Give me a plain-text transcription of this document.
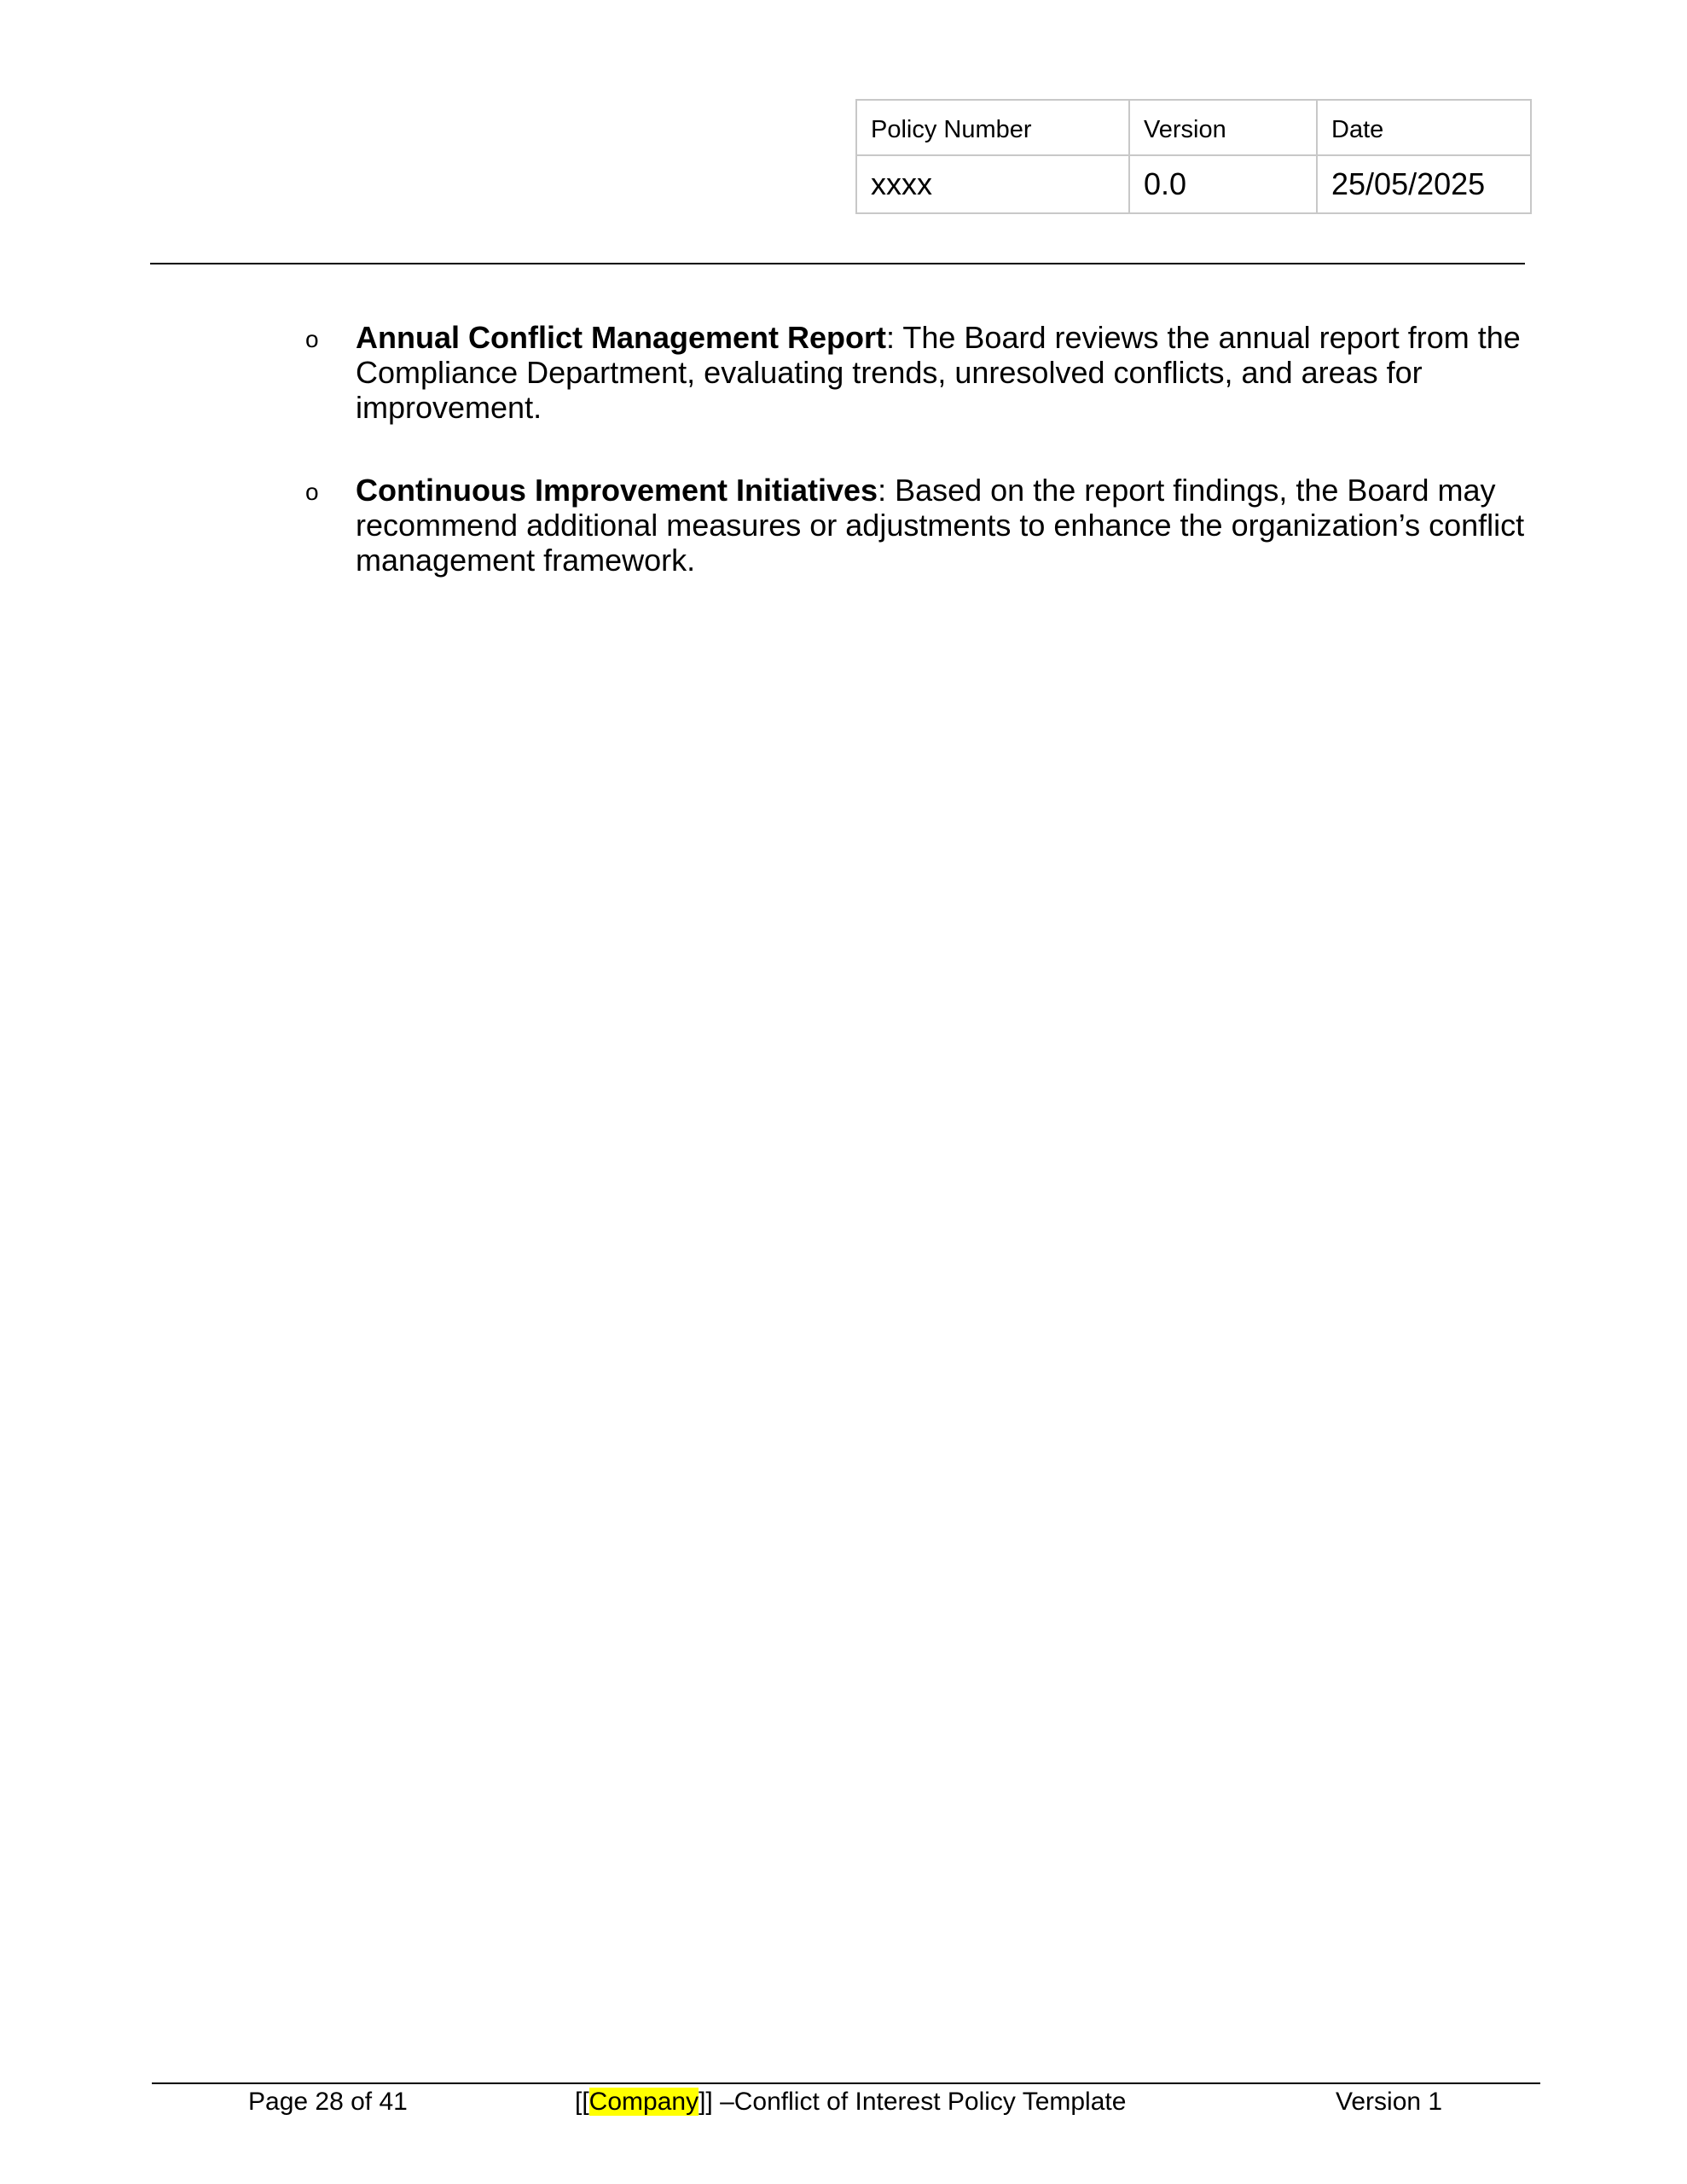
Policy Number	Version	Date
xxxx	0.0	25/05/2025
o Annual Conflict Management Report: The Board reviews the annual report from the Compliance Department, evaluating trends, unresolved conflicts, and areas for improvement.
o Continuous Improvement Initiatives: Based on the report findings, the Board may recommend additional measures or adjustments to enhance the organization’s conflict management framework.
Page 28 of 41	[[Company]] –Conflict of Interest Policy Template	Version 1
